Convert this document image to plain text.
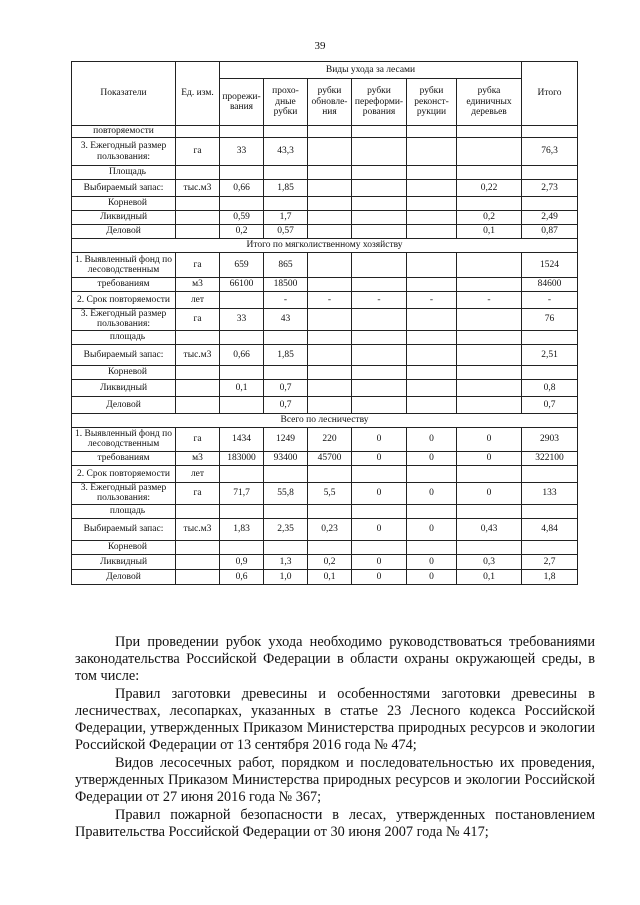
39
Показатели	Ед. изм.	Виды ухода за лесами						Итого
		прорежи-вания	прохо-дные рубки	рубки обновле-ния	рубки переформи-рования	рубки реконст-рукции	рубка единичных деревьев	
повторяемости								
3. Ежегодный размер пользования:	га	33	43,3					76,3
Площадь								
Выбираемый запас:	тыс.м3	0,66	1,85				0,22	2,73
Корневой								
Ликвидный		0,59	1,7				0,2	2,49
Деловой		0,2	0,57				0,1	0,87
Итого по мягколиственному хозяйству								
1. Выявленный фонд по лесоводственным	га	659	865					1524
требованиям	м3	66100	18500					84600
2. Срок повторяемости	лет		-	-	-	-	-	-
3. Ежегодный размер пользования:	га	33	43					76
площадь								
Выбираемый запас:	тыс.м3	0,66	1,85					2,51
Корневой								
Ликвидный		0,1	0,7					0,8
Деловой			0,7					0,7
Всего по лесничеству								
1. Выявленный фонд по лесоводственным	га	1434	1249	220	0	0	0	2903
требованиям	м3	183000	93400	45700	0	0	0	322100
2. Срок повторяемости	лет							
3. Ежегодный размер пользования:	га	71,7	55,8	5,5	0	0	0	133
площадь								
Выбираемый запас:	тыс.м3	1,83	2,35	0,23	0	0	0,43	4,84
Корневой								
Ликвидный		0,9	1,3	0,2	0	0	0,3	2,7
Деловой		0,6	1,0	0,1	0	0	0,1	1,8

При проведении рубок ухода необходимо руководствоваться требованиями законодательства Российской Федерации в области охраны окружающей среды, в том числе:

Правил заготовки древесины и особенностями заготовки древесины в лесничествах, лесопарках, указанных в статье 23 Лесного кодекса Российской Федерации, утвержденных Приказом Министерства природных ресурсов и экологии Российской Федерации от 13 сентября 2016 года № 474;

Видов лесосечных работ, порядком и последовательностью их проведения, утвержденных Приказом Министерства природных ресурсов и экологии Российской Федерации от 27 июня 2016 года № 367;

Правил пожарной безопасности в лесах, утвержденных постановлением Правительства Российской Федерации от 30 июня 2007 года № 417;
